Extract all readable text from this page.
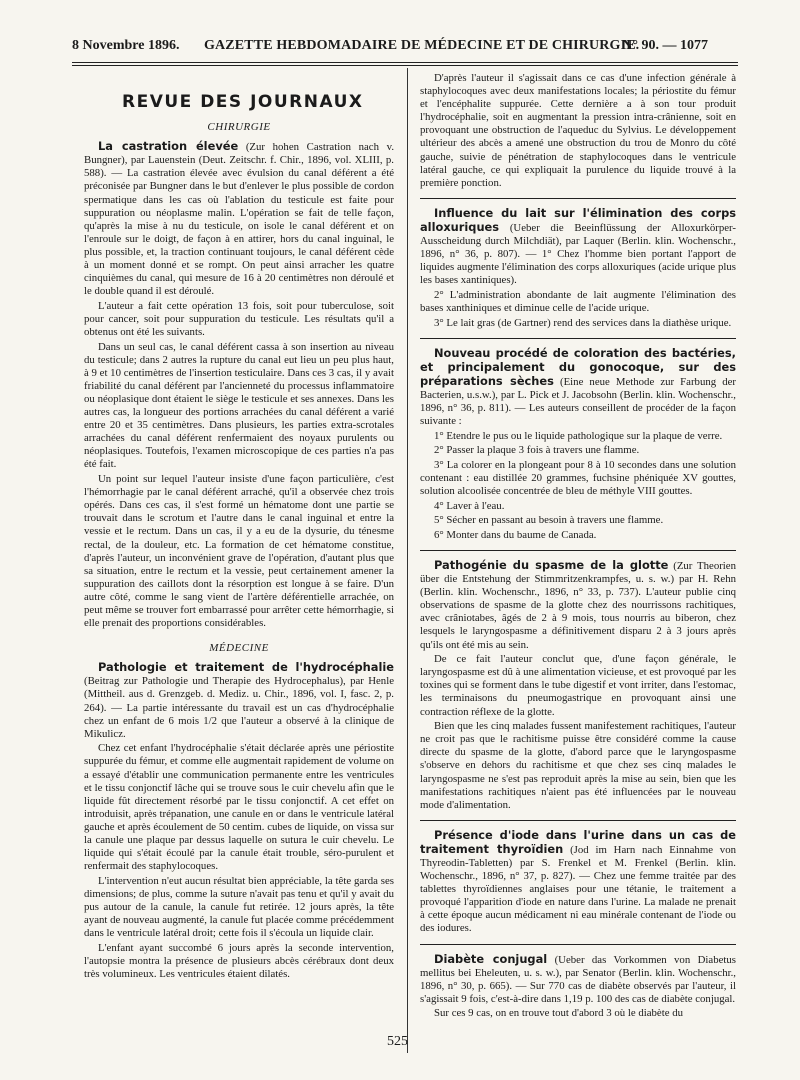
8 Novembre 1896. GAZETTE HEBDOMADAIRE DE MÉDECINE ET DE CHIRURGIE.
N° 90. — 1077
REVUE DES JOURNAUX
CHIRURGIE

La castration élevée (Zur hohen Castration nach v. Bungner), par Lauenstein (Deut. Zeitschr. f. Chir., 1896, vol. XLIII, p. 588). — La castration élevée avec évulsion du canal déférent a été préconisée par Bungner dans le but d'enlever le plus possible de cordon spermatique dans les cas où l'ablation du testicule est faite pour suppuration ou néoplasme malin. L'opération se fait de telle façon, qu'après la mise à nu du testicule, on isole le canal déférent et on l'enroule sur le doigt, de façon à en attirer, hors du canal inguinal, le plus possible, et, la traction continuant toujours, le canal déférent cède à un moment donné et se rompt. On peut ainsi arracher les quatre cinquièmes du canal, qui mesure de 16 à 20 centimètres non déroulé et le double quand il est déroulé.

L'auteur a fait cette opération 13 fois, soit pour tuberculose, soit pour cancer, soit pour suppuration du testicule. Les résultats qu'il a obtenus ont été les suivants.

Dans un seul cas, le canal déférent cassa à son insertion au niveau du testicule; dans 2 autres la rupture du canal eut lieu un peu plus haut, à 9 et 10 centimètres de l'insertion testiculaire. Dans ces 3 cas, il y avait friabilité du canal déférent par l'ancienneté du processus inflammatoire ou néoplasique dont étaient le siège le testicule et ses annexes. Dans les autres cas, la longueur des portions arrachées du canal déférent a varié entre 20 et 35 centimètres. Dans plusieurs, les parties extra-scrotales arrachées du canal déférent renfermaient des noyaux purulents ou néoplasiques. Toutefois, l'examen microscopique de ces parties n'a pas été fait.

Un point sur lequel l'auteur insiste d'une façon particulière, c'est l'hémorrhagie par le canal déférent arraché, qu'il a observée chez trois opérés. Dans ces cas, il s'est formé un hématome dont une partie se trouvait dans le scrotum et l'autre dans le canal inguinal et entre la vessie et le rectum. Dans un cas, il y a eu de la dysurie, du ténesme rectal, de la douleur, etc. La formation de cet hématome constitue, d'après l'auteur, un inconvénient grave de l'opération, d'autant plus que sa situation, entre le rectum et la vessie, peut certainement amener la suppuration des caillots dont la résorption est longue à se faire. D'un autre côté, comme le sang vient de l'artère déférentielle arrachée, on peut même se trouver fort embarrassé pour arrêter cette hémorrhagie, si elle prenait des proportions considérables.

MÉDECINE

Pathologie et traitement de l'hydrocéphalie (Beitrag zur Pathologie und Therapie des Hydrocephalus), par Henle (Mittheil. aus d. Grenzgeb. d. Mediz. u. Chir., 1896, vol. I, fasc. 2, p. 264). — La partie intéressante du travail est un cas d'hydrocéphalie chez un enfant de 6 mois 1/2 que l'auteur a observé à la clinique de Mikulicz.

Chez cet enfant l'hydrocéphalie s'était déclarée après une périostite suppurée du fémur, et comme elle augmentait rapidement de volume on a essayé d'établir une communication permanente entre les ventricules et le tissu conjonctif lâche qui se trouve sous le cuir chevelu afin que le liquide fût directement résorbé par le tissu conjonctif. A cet effet on introduisit, après trépanation, une canule en or dans le ventricule latéral gauche et après écoulement de 50 centim. cubes de liquide, on vissa sur la canule une plaque par dessus laquelle on sutura le cuir chevelu. Le liquide qui s'était écoulé par la canule était trouble, séro-purulent et renfermait des staphylocoques.

L'intervention n'eut aucun résultat bien appréciable, la tête garda ses dimensions; de plus, comme la suture n'avait pas tenu et qu'il y avait du pus autour de la canule, la canule fut retirée. 12 jours après, la tête ayant de nouveau augmenté, la canule fut placée comme précédemment dans le ventricule latéral droit; cette fois il s'écoula un liquide clair.

L'enfant ayant succombé 6 jours après la seconde intervention, l'autopsie montra la présence de plusieurs abcès cérébraux dont deux très volumineux. Les ventricules étaient dilatés.

D'après l'auteur il s'agissait dans ce cas d'une infection générale à staphylocoques avec deux manifestations locales; la périostite du fémur et l'encéphalite suppurée. Cette dernière a à son tour produit l'hydrocéphalie, soit en augmentant la pression intra-crânienne, soit en provoquant une obstruction de l'aqueduc du Sylvius. Le développement ultérieur des abcès a amené une obstruction du trou de Monro du côté gauche, suivie de pénétration de staphylocoques dans le ventricule latéral gauche, ce qui expliquait la purulence du liquide trouvé à la première ponction.

Influence du lait sur l'élimination des corps alloxuriques (Ueber die Beeinflüssung der Alloxurkörper-Ausscheidung durch Milchdiät), par Laquer (Berlin. klin. Wochenschr., 1896, n° 36, p. 807). — 1° Chez l'homme bien portant l'apport de liquides augmente l'élimination des corps alloxuriques (acide urique plus les bases xantiniques).

2° L'administration abondante de lait augmente l'élimination des bases xanthiniques et diminue celle de l'acide urique.

3° Le lait gras (de Gartner) rend des services dans la diathèse urique.

Nouveau procédé de coloration des bactéries, et principalement du gonocoque, sur des préparations sèches (Eine neue Methode zur Farbung der Bacterien, u.s.w.), par L. Pick et J. Jacobsohn (Berlin. klin. Wochenschr., 1896, n° 36, p. 811). — Les auteurs conseillent de procéder de la façon suivante :

1° Etendre le pus ou le liquide pathologique sur la plaque de verre.

2° Passer la plaque 3 fois à travers une flamme.

3° La colorer en la plongeant pour 8 à 10 secondes dans une solution contenant : eau distillée 20 grammes, fuchsine phéniquée XV gouttes, solution alcoolisée concentrée de bleu de méthyle VIII gouttes.

4° Laver à l'eau.

5° Sécher en passant au besoin à travers une flamme.

6° Monter dans du baume de Canada.

Pathogénie du spasme de la glotte (Zur Theorien über die Entstehung der Stimmritzenkrampfes, u. s. w.) par H. Rehn (Berlin. klin. Wochenschr., 1896, n° 33, p. 737). L'auteur publie cinq observations de spasme de la glotte chez des nourrissons rachitiques, avec crâniotabes, âgés de 2 à 9 mois, tous nourris au biberon, chez lesquels le laryngospasme a définitivement disparu 2 à 3 jours après qu'ils ont été mis au sein.

De ce fait l'auteur conclut que, d'une façon générale, le laryngospasme est dû à une alimentation vicieuse, et est provoqué par les toxines qui se forment dans le tube digestif et vont irriter, dans l'estomac, les terminaisons du pneumogastrique en provoquant ainsi une contraction réflexe de la glotte.

Bien que les cinq malades fussent manifestement rachitiques, l'auteur ne croit pas que le rachitisme puisse être considéré comme la cause directe du spasme de la glotte, d'abord parce que le laryngospasme s'observe en dehors du rachitisme et que chez ses cinq malades le laryngospasme ne s'est pas reproduit après la mise au sein, bien que les manifestations rachitiques n'aient pas été influencées par le nouveau mode d'alimentation.

Présence d'iode dans l'urine dans un cas de traitement thyroïdien (Jod im Harn nach Einnahme von Thyreodin-Tabletten) par S. Frenkel et M. Frenkel (Berlin. klin. Wochenschr., 1896, n° 37, p. 827). — Chez une femme traitée par des tablettes thyroïdiennes anglaises pour une tétanie, le traitement a provoqué l'apparition d'iode en nature dans l'urine. La malade ne prenait à cette époque aucun médicament ni eau minérale contenant de l'iode ou des iodures.

Diabète conjugal (Ueber das Vorkommen von Diabetus mellitus bei Eheleuten, u. s. w.), par Senator (Berlin. klin. Wochenschr., 1896, n° 30, p. 665). — Sur 770 cas de diabète observés par l'auteur, il s'agissait 9 fois, c'est-à-dire dans 1,19 p. 100 des cas de diabète conjugal.

Sur ces 9 cas, on en trouve tout d'abord 3 où le diabète du

525
